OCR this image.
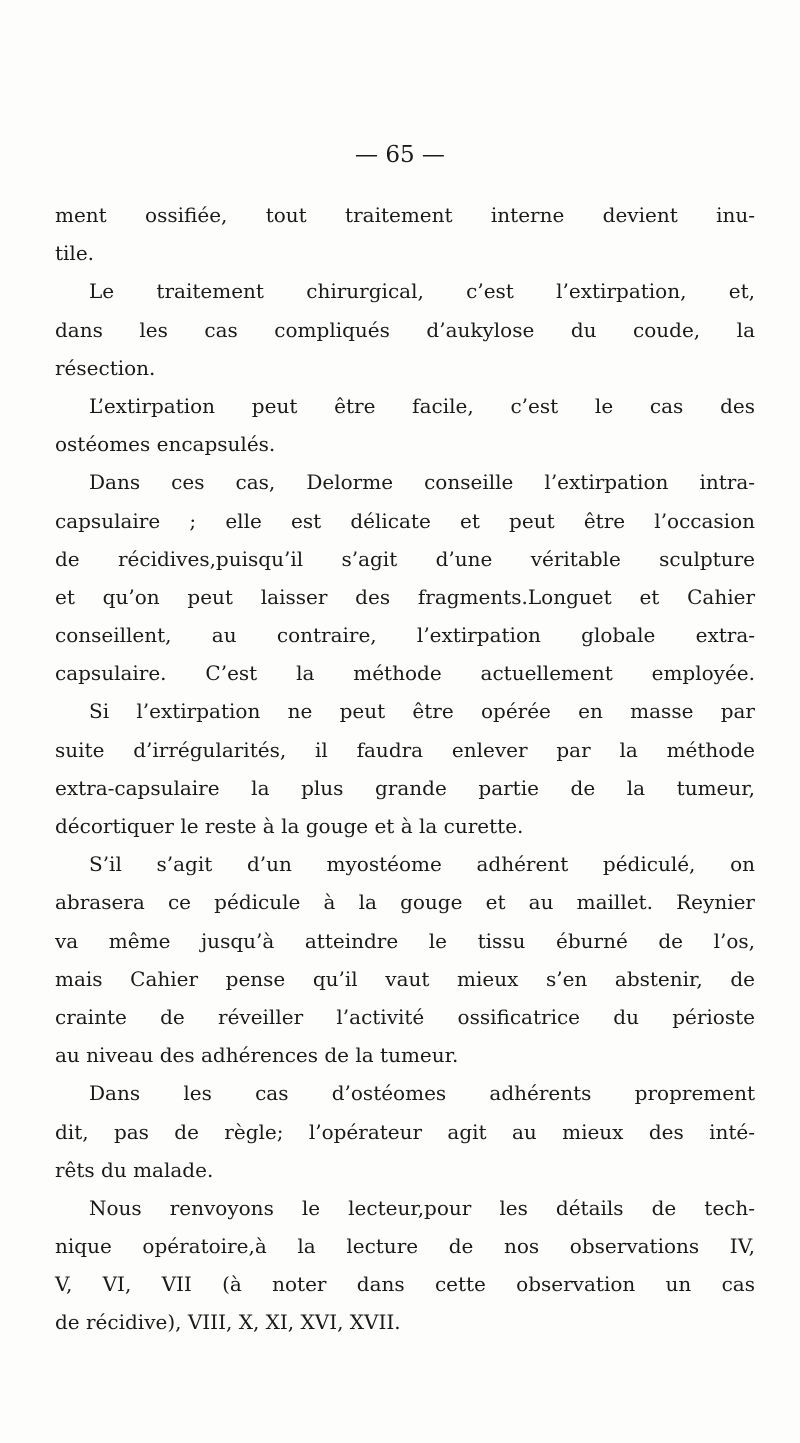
— 65 —
ment ossifiée, tout traitement interne devient inu-
tile.
Le traitement chirurgical, c’est l’extirpation, et,
dans les cas compliqués d’aukylose du coude, la
résection.
L’extirpation peut être facile, c’est le cas des
ostéomes encapsulés.
Dans ces cas, Delorme conseille l’extirpation intra-
capsulaire ; elle est délicate et peut être l’occasion
de récidives,puisqu’il s’agit d’une véritable sculpture
et qu’on peut laisser des fragments.Longuet et Cahier
conseillent, au contraire, l’extirpation globale extra-
capsulaire. C’est la méthode actuellement employée.
Si l’extirpation ne peut être opérée en masse par
suite d’irrégularités, il faudra enlever par la méthode
extra-capsulaire la plus grande partie de la tumeur,
décortiquer le reste à la gouge et à la curette.
S’il s’agit d’un myostéome adhérent pédiculé, on
abrasera ce pédicule à la gouge et au maillet. Reynier
va même jusqu’à atteindre le tissu éburné de l’os,
mais Cahier pense qu’il vaut mieux s’en abstenir, de
crainte de réveiller l’activité ossificatrice du périoste
au niveau des adhérences de la tumeur.
Dans les cas d’ostéomes adhérents proprement
dit, pas de règle; l’opérateur agit au mieux des inté-
rêts du malade.
Nous renvoyons le lecteur,pour les détails de tech-
nique opératoire,à la lecture de nos observations IV,
V, VI, VII (à noter dans cette observation un cas
de récidive), VIII, X, XI, XVI, XVII.
